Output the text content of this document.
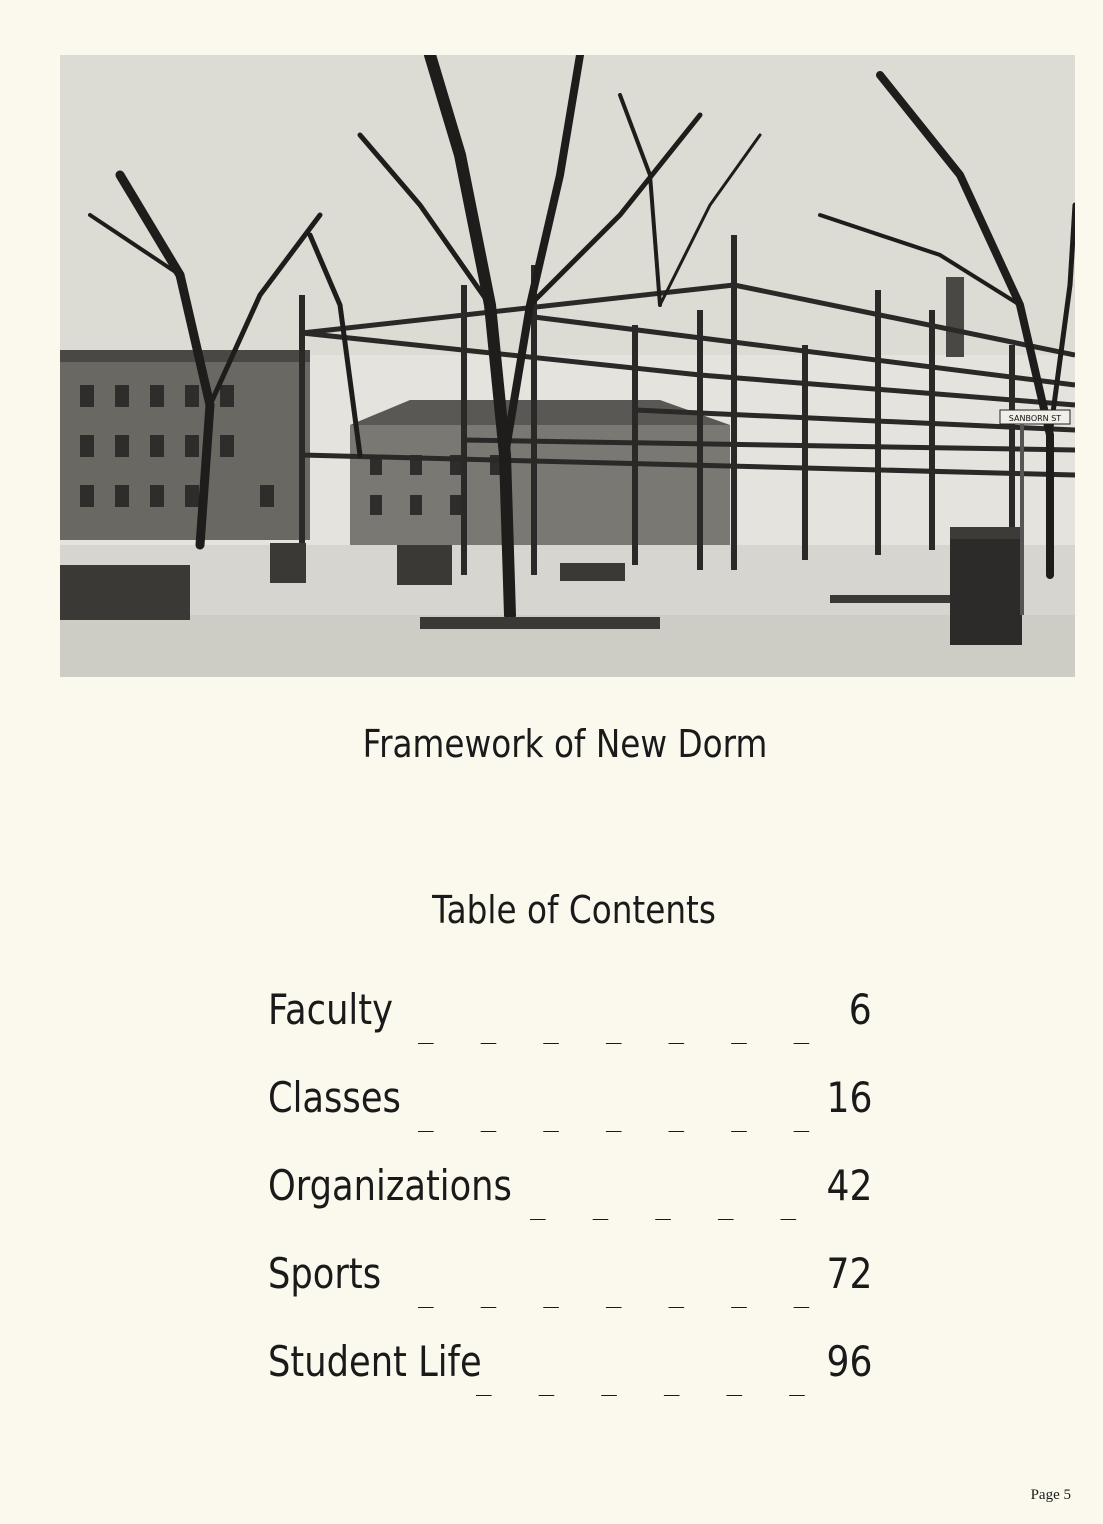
SANBORN ST
Framework of New Dorm
Table of Contents
Faculty _   _   _   _   _   _   _ 6
Classes _   _   _   _   _   _   _ 16
Organizations _   _   _   _   _ 42
Sports _   _   _   _   _   _   _ 72
Student Life
_   _   _   _   _   _ 96
Page 5
